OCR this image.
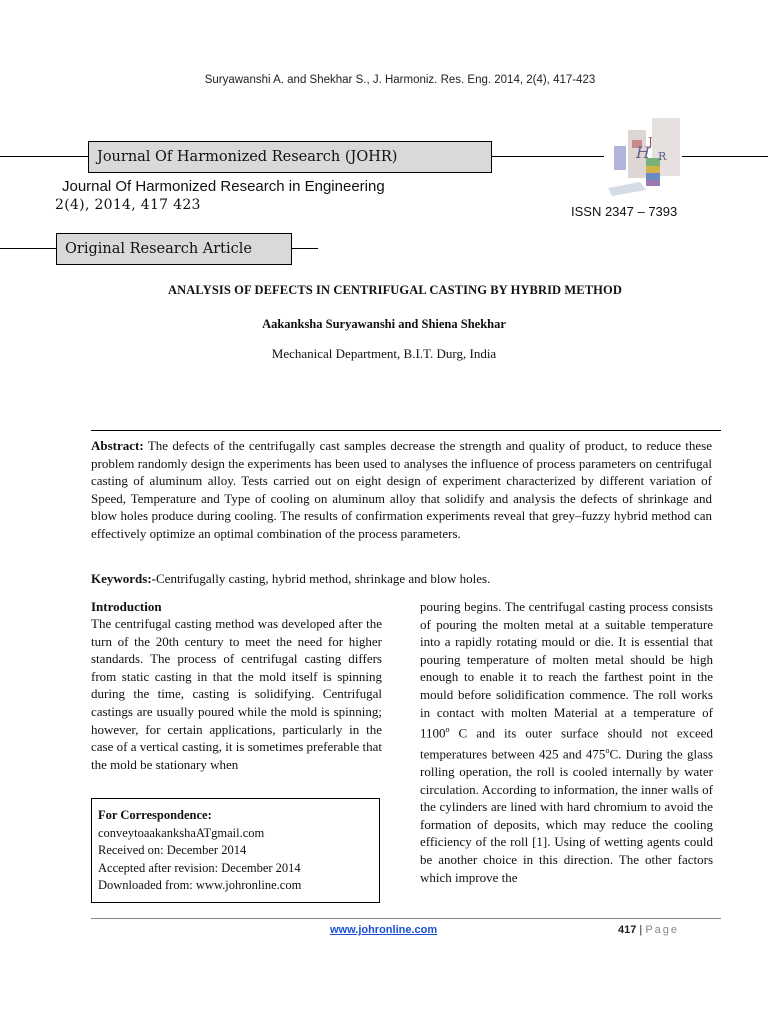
Suryawanshi A. and Shekhar S., J. Harmoniz. Res. Eng. 2014, 2(4), 417-423
Journal Of Harmonized Research (JOHR)	H
J
R
Journal Of Harmonized Research in Engineering
2(4), 2014, 417 423	ISSN 2347 – 7393
Original Research Article
ANALYSIS OF DEFECTS IN CENTRIFUGAL CASTING BY HYBRID METHOD
Aakanksha Suryawanshi and Shiena Shekhar
Mechanical Department, B.I.T. Durg, India

Abstract: The defects of the centrifugally cast samples decrease the strength and quality of product, to reduce these problem randomly design the experiments has been used to analyses the influence of process parameters on centrifugal casting of aluminum alloy. Tests carried out on eight design of experiment characterized by different variation of Speed, Temperature and Type of cooling on aluminum alloy that solidify and analysis the defects of shrinkage and blow holes produce during cooling. The results of confirmation experiments reveal that grey–fuzzy hybrid method can effectively optimize an optimal combination of the process parameters.

Keywords:-Centrifugally casting, hybrid method, shrinkage and blow holes.

Introduction

The centrifugal casting method was developed after the turn of the 20th century to meet the need for higher standards. The process of centrifugal casting differs from static casting in that the mold itself is spinning during the time, casting is solidifying. Centrifugal castings are usually poured while the mold is spinning; however, for certain applications, particularly in the case of a vertical casting, it is sometimes preferable that the mold be stationary when

For Correspondence:
conveytoaakankshaATgmail.com
Received on: December 2014
Accepted after revision: December 2014
Downloaded from: www.johronline.com

pouring begins. The centrifugal casting process consists of pouring the molten metal at a suitable temperature into a rapidly rotating mould or die. It is essential that pouring temperature of molten metal should be high enough to enable it to reach the farthest point in the mould before solidification commence. The roll works in contact with molten Material at a temperature of 1100$^o$ C and its outer surface should not exceed temperatures between 425 and 475$^o$C. During the glass rolling operation, the roll is cooled internally by water circulation. According to information, the inner walls of the cylinders are lined with hard chromium to avoid the formation of deposits, which may reduce the cooling efficiency of the roll [1]. Using of wetting agents could be another choice in this direction. The other factors which improve the

www.johronline.com	417 | Page
